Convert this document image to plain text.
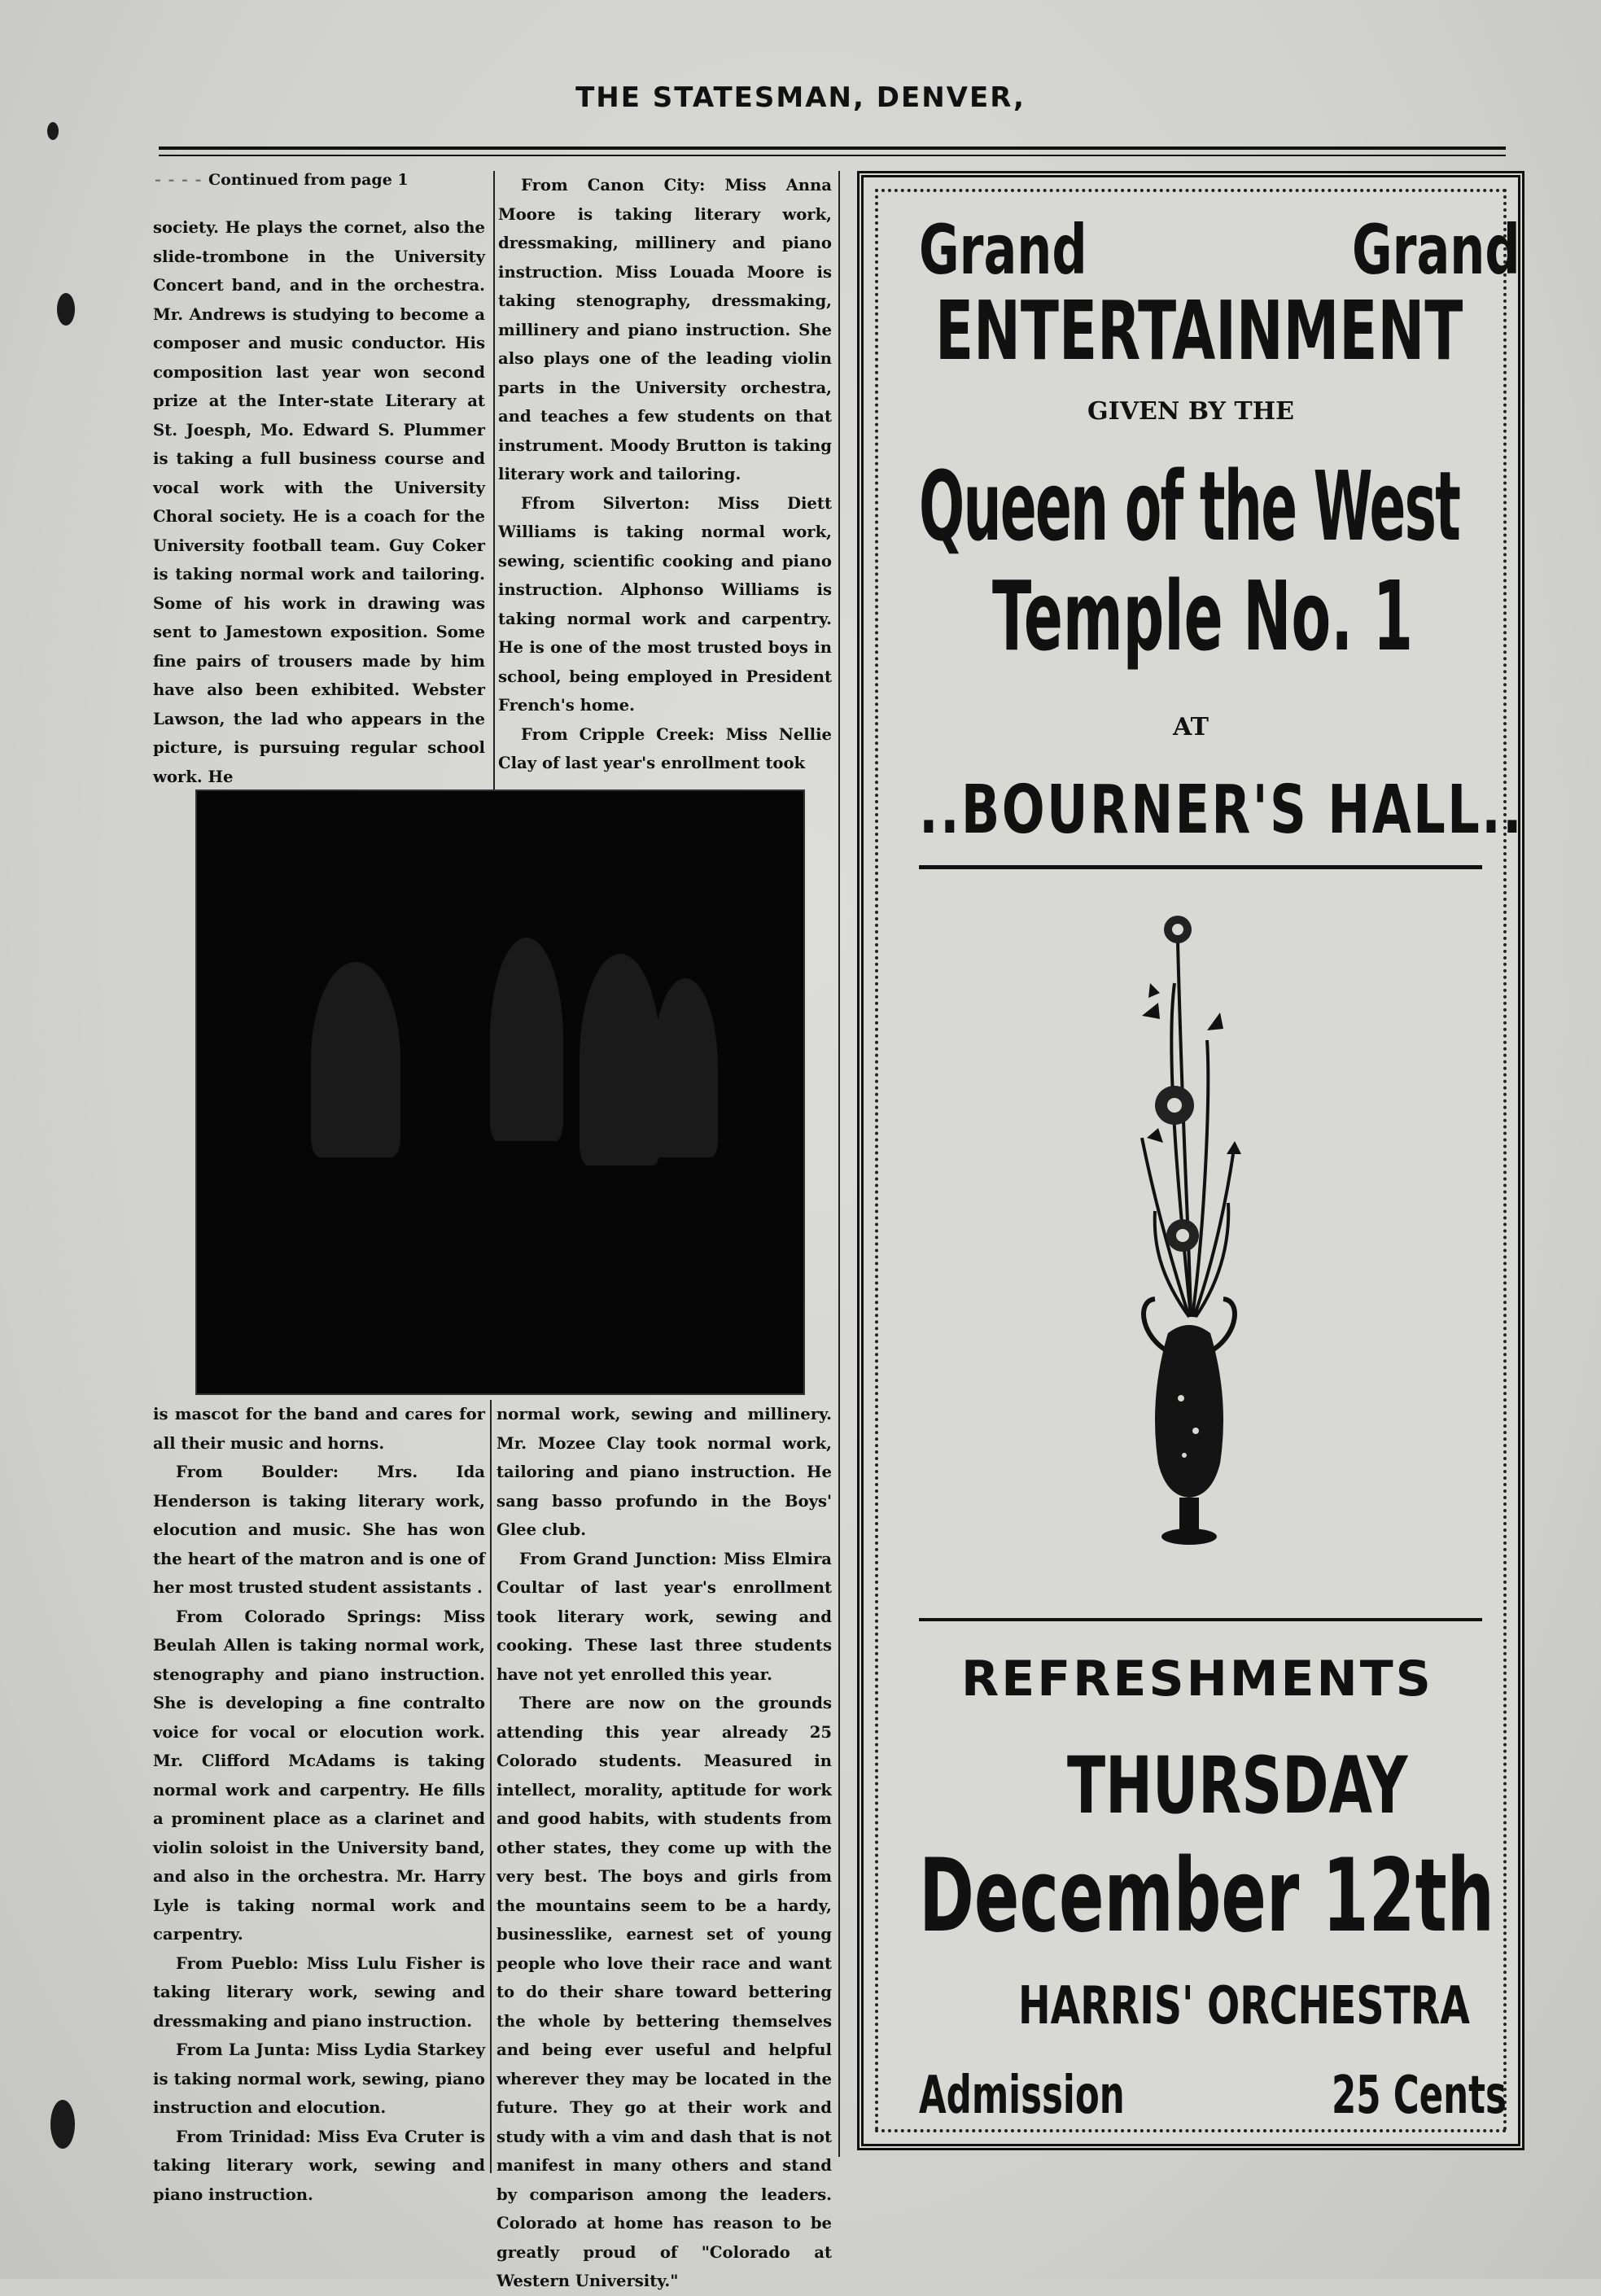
THE STATESMAN, DENVER,
- - - - Continued from page 1

society. He plays the cornet, also the slide-trombone in the University Concert band, and in the orchestra. Mr. Andrews is studying to become a composer and music conductor. His composition last year won second prize at the Inter-state Literary at St. Joesph, Mo. Edward S. Plummer is taking a full business course and vocal work with the University Choral society. He is a coach for the University football team. Guy Coker is taking normal work and tailoring. Some of his work in drawing was sent to Jamestown exposition. Some fine pairs of trousers made by him have also been exhibited. Webster Lawson, the lad who appears in the picture, is pursuing regular school work. He

From Canon City: Miss Anna Moore is taking literary work, dressmaking, millinery and piano instruction. Miss Louada Moore is taking stenography, dressmaking, millinery and piano instruction. She also plays one of the leading violin parts in the University orchestra, and teaches a few students on that instrument. Moody Brutton is taking literary work and tailoring.

Ffrom Silverton: Miss Diett Williams is taking normal work, sewing, scientific cooking and piano instruction. Alphonso Williams is taking normal work and carpentry. He is one of the most trusted boys in school, being employed in President French's home.

From Cripple Creek: Miss Nellie Clay of last year's enrollment took

is mascot for the band and cares for all their music and horns.

From Boulder: Mrs. Ida Henderson is taking literary work, elocution and music. She has won the heart of the matron and is one of her most trusted student assistants .

From Colorado Springs: Miss Beulah Allen is taking normal work, stenography and piano instruction. She is developing a fine contralto voice for vocal or elocution work. Mr. Clifford McAdams is taking normal work and carpentry. He fills a prominent place as a clarinet and violin soloist in the University band, and also in the orchestra. Mr. Harry Lyle is taking normal work and carpentry.

From Pueblo: Miss Lulu Fisher is taking literary work, sewing and dressmaking and piano instruction.

From La Junta: Miss Lydia Starkey is taking normal work, sewing, piano instruction and elocution.

From Trinidad: Miss Eva Cruter is taking literary work, sewing and piano instruction.

normal work, sewing and millinery. Mr. Mozee Clay took normal work, tailoring and piano instruction. He sang basso profundo in the Boys' Glee club.

From Grand Junction: Miss Elmira Coultar of last year's enrollment took literary work, sewing and cooking. These last three students have not yet enrolled this year.

There are now on the grounds attending this year already 25 Colorado students. Measured in intellect, morality, aptitude for work and good habits, with students from other states, they come up with the very best. The boys and girls from the mountains seem to be a hardy, businesslike, earnest set of young people who love their race and want to do their share toward bettering the whole by bettering themselves and being ever useful and helpful wherever they may be located in the future. They go at their work and study with a vim and dash that is not manifest in many others and stand by comparison among the leaders. Colorado at home has reason to be greatly proud of "Colorado at Western University."

Grand	Grand
ENTERTAINMENT
GIVEN BY THE
Queen of the West
Temple No. 1
AT
..BOURNER'S HALL..
REFRESHMENTS
THURSDAY
December 12th
HARRIS' ORCHESTRA
Admission	25 Cents
